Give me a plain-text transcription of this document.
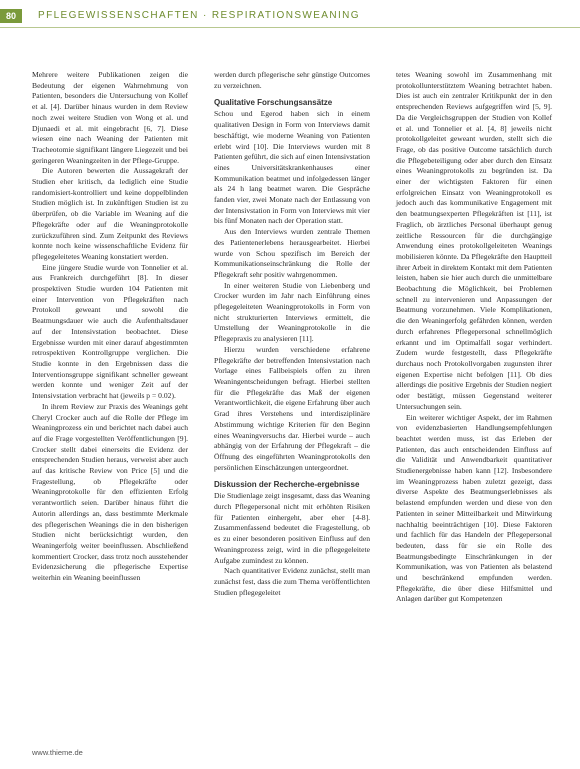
80	PFLEGEWISSENSCHAFTEN · RESPIRATIONSWEANING

Mehrere weitere Publikationen zeigen die Bedeutung der eigenen Wahrnehmung von Patienten, besonders die Untersuchung von Kollef et al. [4]. Darüber hinaus wurden in dem Review noch zwei weitere Studien von Wong et al. und Djunaedi et al. mit eingebracht [6, 7]. Diese wiesen eine nach Weaning der Patienten mit Tracheotomie signifikant längere Liegezeit und bei geringeren Weaningzeiten in der Pflege-Gruppe.

Die Autoren bewerten die Aussagekraft der Studien eher kritisch, da lediglich eine Studie randomisiert-kontrolliert und keine doppelblinden Studien möglich ist. In zukünftigen Studien ist zu überprüfen, ob die Variable im Weaning auf die Pflegekräfte oder auf die Weaningprotokolle zurückzuführen sind. Zum Zeitpunkt des Reviews konnte noch keine wissenschaftliche Evidenz für pflegegeleitetes Weaning konstatiert werden.

Eine jüngere Studie wurde von Tonnelier et al. aus Frankreich durchgeführt [8]. In dieser prospektiven Studie wurden 104 Patienten mit einer Intervention von Pflegekräften nach Protokoll geweant und sowohl die Beatmungsdauer wie auch die Aufenthaltsdauer auf der Intensivstation beobachtet. Diese Ergebnisse wurden mit einer darauf abgestimmten retrospektiven Kontrollgruppe verglichen. Die Studie konnte in den Ergebnissen dass die Interventionsgruppe signifikant schneller geweant werden konnte und weniger Zeit auf der Intensivstation verbracht hat (jeweils p = 0.02).

In ihrem Review zur Praxis des Weanings geht Cheryl Crocker auch auf die Rolle der Pflege im Weaningprozess ein und berichtet nach dabei auch auf die Frage vorgestellten Veröffentlichungen [9]. Crocker stellt dabei einerseits die Evidenz der entsprechenden Studien heraus, verweist aber auch auf das kritische Review von Price [5] und die Fragestellung, ob Pflegekräfte oder Weaningprotokolle für den effizienten Erfolg verantwortlich seien. Darüber hinaus führt die Autorin allerdings an, dass bestimmte Merkmale des pflegerischen Weanings die in den bisherigen Studien nicht berücksichtigt wurden, den Weaningerfolg weiter beeinflussen. Abschließend kommentiert Crocker, dass trotz noch ausstehender Evidenzsicherung die pflegerische Expertise weiterhin ein Weaning beeinflussen

werden durch pflegerische sehr günstige Outcomes zu verzeichnen.

Qualitative Forschungsansätze

Schou und Egerod haben sich in einem qualitativen Design in Form von Interviews damit beschäftigt, wie moderne Weaning von Patienten erlebt wird [10]. Die Interviews wurden mit 8 Patienten geführt, die sich auf einen Intensivstation eines Universitätskrankenhauses einer Kommunikation beatmet und infolgedessen länger als 24 h lang beatmet waren. Die Gespräche fanden vier, zwei Monate nach der Entlassung von der Intensivstation in Form von Interviews mit vier bis fünf Monaten nach der Operation statt.

Aus den Interviews wurden zentrale Themen des Patientenerlebens herausgearbeitet. Hierbei wurde von Schou spezifisch im Bereich der Kommunikationseinschränkung die Rolle der Pflegekraft sehr positiv wahrgenommen.

In einer weiteren Studie von Liebenberg und Crocker wurden im Jahr nach Einführung eines pflegegeleiteten Weaningprotokolls in Form von nicht strukturierten Interviews ermittelt, die Umstellung der Weaningprotokolle in die Pflegepraxis zu analysieren [11].

Hierzu wurden verschiedene erfahrene Pflegekräfte der betreffenden Intensivstation nach Vorlage eines Fallbeispiels offen zu ihren Weaningentscheidungen befragt. Hierbei stellten für die Pflegekräfte das Maß der eigenen Verantwortlichkeit, die eigene Erfahrung über auch Grad ihres Verstehens und interdisziplinäre Abstimmung wichtige Kriterien für den Beginn eines Weaningversuchs dar. Hierbei wurde – auch abhängig von der Erfahrung der Pflegekraft – die Öffnung des eingeführten Weaningprotokolls den persönlichen Einschätzungen untergeordnet.

Diskussion der Recherche-ergebnisse

Die Studienlage zeigt insgesamt, dass das Weaning durch Pflegepersonal nicht mit erhöhten Risiken für Patienten einhergeht, aber eher [4-8]. Zusammenfassend bedeutet die Fragestellung, ob es zu einer besonderen positiven Einfluss auf den Weaningprozess zeigt, wird in die pflegegeleitete Aufgabe zumindest zu können.

Nach quantitativer Evidenz zunächst, stellt man zunächst fest, dass die zum Thema veröffentlichten Studien pflegegeleitet

tetes Weaning sowohl im Zusammenhang mit protokollunterstütztem Weaning betrachtet haben. Dies ist auch ein zentraler Kritikpunkt der in den entsprechenden Reviews aufgegriffen wird [5, 9]. Da die Vergleichsgruppen der Studien von Kollef et al. und Tonnelier et al. [4, 8] jeweils nicht protokollgeleitet geweant wurden, stellt sich die Frage, ob das positive Outcome tatsächlich durch die Pflegebeteiligung oder aber durch den Einsatz eines Weaningprotokolls zu begründen ist. Da einer der wichtigsten Faktoren für einen erfolgreichen Einsatz von Weaningprotokoll es jedoch auch das kommunikative Engagement mit den beatmungsexperten Pflegekräften ist [11], ist Fraglich, ob ärztliches Personal überhaupt genug zeitliche Ressourcen für die durchgängige Anwendung eines protokollgeleiteten Weanings mobilisieren könnte. Da Pflegekräfte den Hauptteil ihrer Arbeit in direktem Kontakt mit dem Patienten leisten, haben sie hier auch durch die unmittelbare Beobachtung die Möglichkeit, bei Problemen schnell zu intervenieren und Anpassungen der Beatmung vorzunehmen. Viele Komplikationen, die den Weaningerfolg gefährden können, werden durch erfahrenes Pflegepersonal schnellmöglich erkannt und im Optimalfall sogar verhindert. Zudem wurde festgestellt, dass Pflegekräfte durchaus noch Protokollvorgaben zugunsten ihrer eigenen Expertise nicht befolgen [11]. Ob dies allerdings die positive Ergebnis der Studien negiert oder bestätigt, müssen Gegenstand weiterer Untersuchungen sein.

Ein weiterer wichtiger Aspekt, der im Rahmen von evidenzbasierten Handlungsempfehlungen beachtet werden muss, ist das Erleben der Patienten, das auch entscheidenden Einfluss auf die Validität und Anwendbarkeit quantitativer Studienergebnisse haben kann [12]. Insbesondere im Weaningprozess haben zuletzt gezeigt, dass diverse Aspekte des Beatmungserlebnisses als belastend empfunden werden und diese von den Patienten in seiner Mitteilbarkeit und Mitwirkung nachhaltig beeinträchtigen [10]. Diese Faktoren und fachlich für das Handeln der Pflegepersonal bedeuten, dass für sie ein Rolle des Beatmungsbedingte Einschränkungen in der Kommunikation, was von Patienten als belastend und beschränkend empfunden werden. Pflegekräfte, die über diese Hilfsmittel und Anlagen darüber gut Kompetenzen

www.thieme.de
